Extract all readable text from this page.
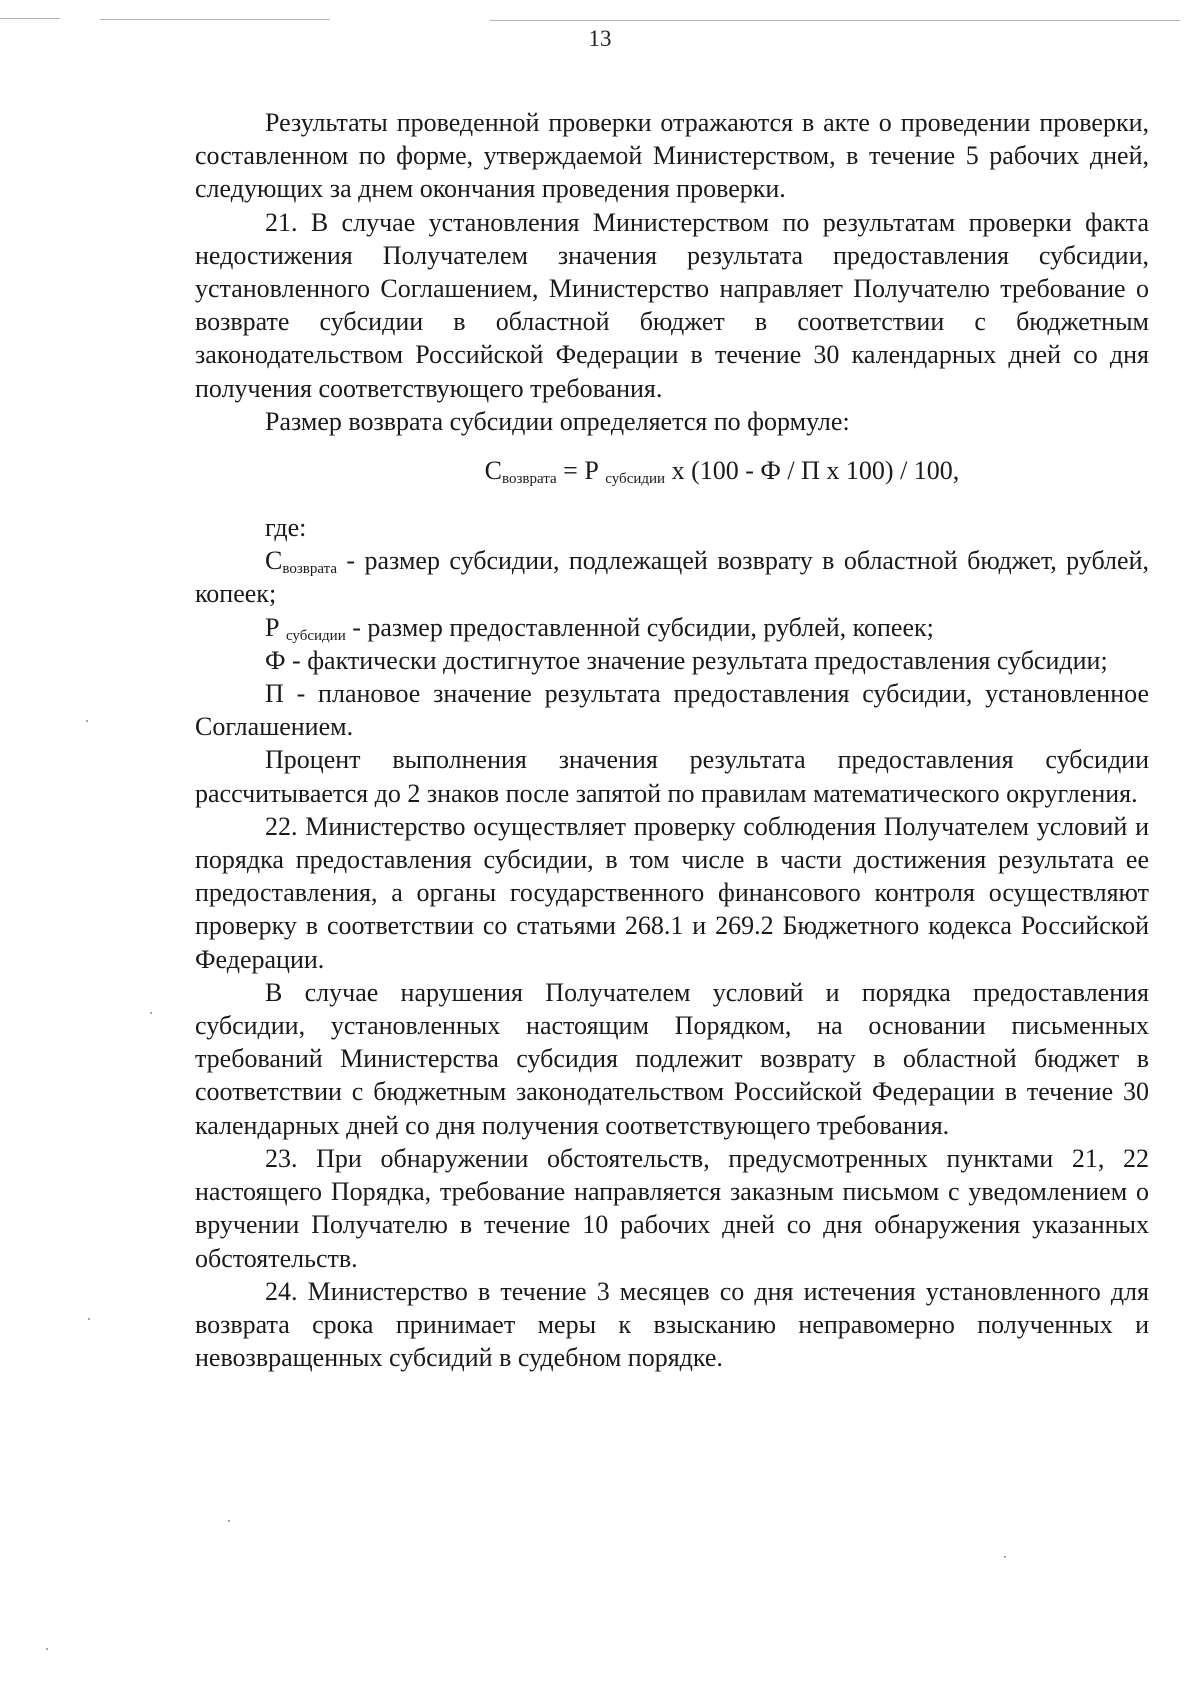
13

Результаты проведенной проверки отражаются в акте о проведении проверки, составленном по форме, утверждаемой Министерством, в течение 5 рабочих дней, следующих за днем окончания проведения проверки.

21. В случае установления Министерством по результатам проверки факта недостижения Получателем значения результата предоставления субсидии, установленного Соглашением, Министерство направляет Получателю требование о возврате субсидии в областной бюджет в соответствии с бюджетным законодательством Российской Федерации в течение 30 календарных дней со дня получения соответствующего требования.

Размер возврата субсидии определяется по формуле:

$С_{возврата} = Р$ $_{субсидии}$ x (100 - Ф / П x 100) / 100,

где:

$С_{возврата}$ - размер субсидии, подлежащей возврату в областной бюджет, рублей, копеек;

Р $_{субсидии}$ - размер предоставленной субсидии, рублей, копеек;

Ф - фактически достигнутое значение результата предоставления субсидии;

П - плановое значение результата предоставления субсидии, установленное Соглашением.

Процент выполнения значения результата предоставления субсидии рассчитывается до 2 знаков после запятой по правилам математического округления.

22. Министерство осуществляет проверку соблюдения Получателем условий и порядка предоставления субсидии, в том числе в части достижения результата ее предоставления, а органы государственного финансового контроля осуществляют проверку в соответствии со статьями 268.1 и 269.2 Бюджетного кодекса Российской Федерации.

В случае нарушения Получателем условий и порядка предоставления субсидии, установленных настоящим Порядком, на основании письменных требований Министерства субсидия подлежит возврату в областной бюджет в соответствии с бюджетным законодательством Российской Федерации в течение 30 календарных дней со дня получения соответствующего требования.

23. При обнаружении обстоятельств, предусмотренных пунктами 21, 22 настоящего Порядка, требование направляется заказным письмом с уведомлением о вручении Получателю в течение 10 рабочих дней со дня обнаружения указанных обстоятельств.

24. Министерство в течение 3 месяцев со дня истечения установленного для возврата срока принимает меры к взысканию неправомерно полученных и невозвращенных субсидий в судебном порядке.
